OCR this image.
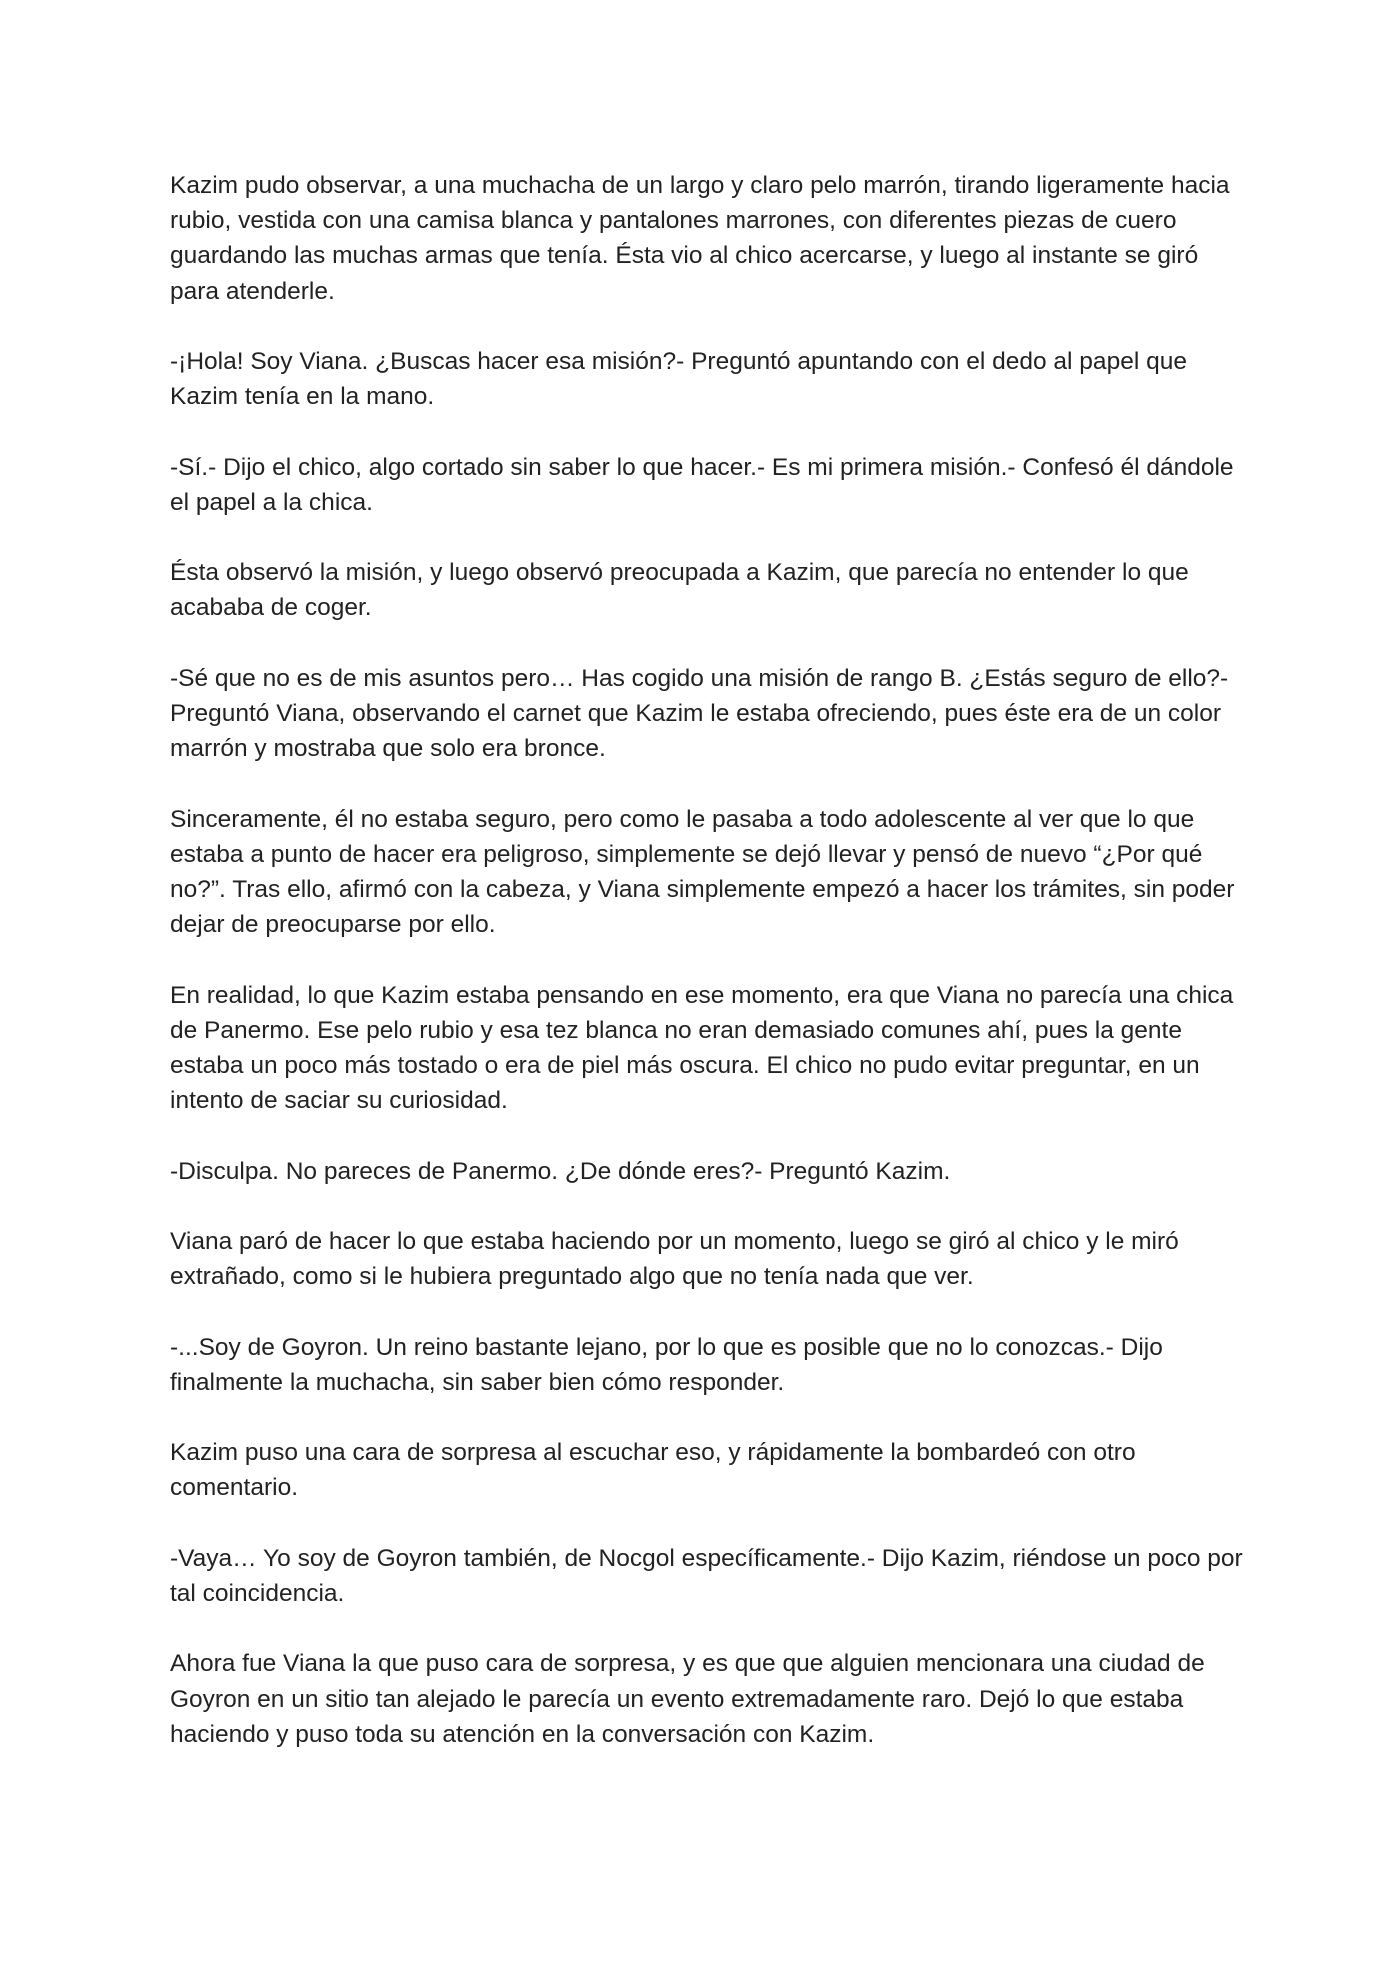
Kazim pudo observar, a una muchacha de un largo y claro pelo marrón, tirando ligeramente hacia rubio, vestida con una camisa blanca y pantalones marrones, con diferentes piezas de cuero guardando las muchas armas que tenía. Ésta vio al chico acercarse, y luego al instante se giró para atenderle.

-¡Hola! Soy Viana. ¿Buscas hacer esa misión?- Preguntó apuntando con el dedo al papel que Kazim tenía en la mano.

-Sí.- Dijo el chico, algo cortado sin saber lo que hacer.- Es mi primera misión.- Confesó él dándole el papel a la chica.

Ésta observó la misión, y luego observó preocupada a Kazim, que parecía no entender lo que acababa de coger.

-Sé que no es de mis asuntos pero… Has cogido una misión de rango B. ¿Estás seguro de ello?- Preguntó Viana, observando el carnet que Kazim le estaba ofreciendo, pues éste era de un color marrón y mostraba que solo era bronce.

Sinceramente, él no estaba seguro, pero como le pasaba a todo adolescente al ver que lo que estaba a punto de hacer era peligroso, simplemente se dejó llevar y pensó de nuevo “¿Por qué no?”. Tras ello, afirmó con la cabeza, y Viana simplemente empezó a hacer los trámites, sin poder dejar de preocuparse por ello.

En realidad, lo que Kazim estaba pensando en ese momento, era que Viana no parecía una chica de Panermo. Ese pelo rubio y esa tez blanca no eran demasiado comunes ahí, pues la gente estaba un poco más tostado o era de piel más oscura. El chico no pudo evitar preguntar, en un intento de saciar su curiosidad.

-Disculpa. No pareces de Panermo. ¿De dónde eres?- Preguntó Kazim.

Viana paró de hacer lo que estaba haciendo por un momento, luego se giró al chico y le miró extrañado, como si le hubiera preguntado algo que no tenía nada que ver.

-...Soy de Goyron. Un reino bastante lejano, por lo que es posible que no lo conozcas.- Dijo finalmente la muchacha, sin saber bien cómo responder.

Kazim puso una cara de sorpresa al escuchar eso, y rápidamente la bombardeó con otro comentario.

-Vaya… Yo soy de Goyron también, de Nocgol específicamente.- Dijo Kazim, riéndose un poco por tal coincidencia.

Ahora fue Viana la que puso cara de sorpresa, y es que que alguien mencionara una ciudad de Goyron en un sitio tan alejado le parecía un evento extremadamente raro. Dejó lo que estaba haciendo y puso toda su atención en la conversación con Kazim.
